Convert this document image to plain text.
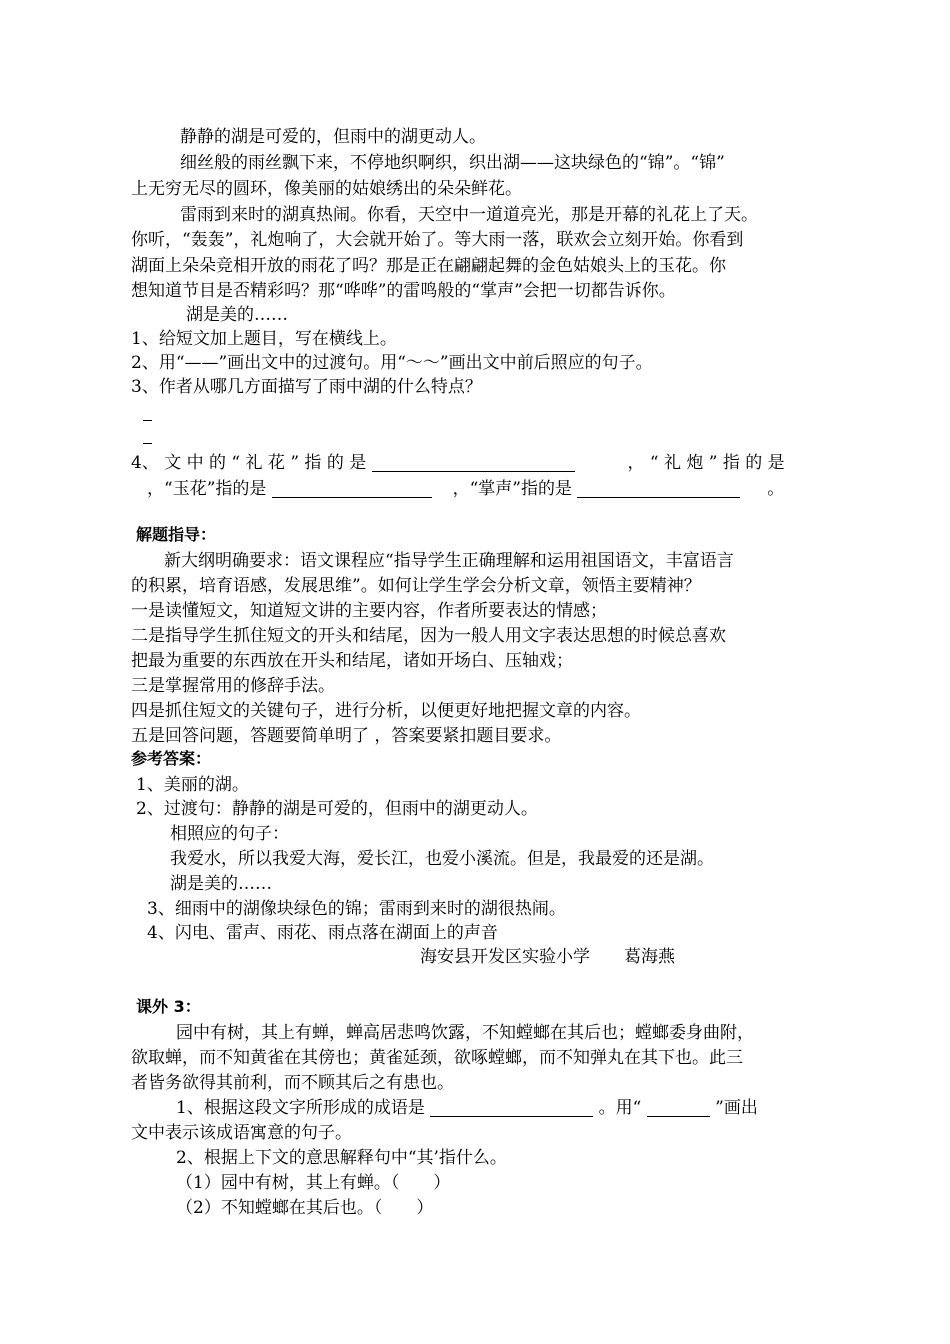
静静的湖是可爱的，但雨中的湖更动人。
细丝般的雨丝飘下来，不停地织啊织，织出湖——这块绿色的“锦”。“锦”
上无穷无尽的圆环，像美丽的姑娘绣出的朵朵鲜花。
雷雨到来时的湖真热闹。你看，天空中一道道亮光，那是开幕的礼花上了天。
你听，“轰轰”，礼炮响了，大会就开始了。等大雨一落，联欢会立刻开始。你看到
湖面上朵朵竞相开放的雨花了吗？那是正在翩翩起舞的金色姑娘头上的玉花。你
想知道节目是否精彩吗？那“哗哗”的雷鸣般的“掌声”会把一切都告诉你。
湖是美的……
1、给短文加上题目，写在横线上。
2、用“——”画出文中的过渡句。用“～～”画出文中前后照应的句子。
3、作者从哪几方面描写了雨中湖的什么特点？
4、 文 中 的 “ 礼 花 ” 指 的 是	， “ 礼 炮 ” 指 的 是
，“玉花”指的是	，“掌声”指的是	。
解题指导：
新大纲明确要求：语文课程应“指导学生正确理解和运用祖国语文，丰富语言
的积累，培育语感，发展思维”。如何让学生学会分析文章，领悟主要精神？
一是读懂短文，知道短文讲的主要内容，作者所要表达的情感；
二是指导学生抓住短文的开头和结尾，因为一般人用文字表达思想的时候总喜欢
把最为重要的东西放在开头和结尾，诸如开场白、压轴戏；
三是掌握常用的修辞手法。
四是抓住短文的关键句子，进行分析，以便更好地把握文章的内容。
五是回答问题，答题要简单明了 ，答案要紧扣题目要求。
参考答案：
1、美丽的湖。
2、过渡句：静静的湖是可爱的，但雨中的湖更动人。
相照应的句子：
我爱水，所以我爱大海，爱长江，也爱小溪流。但是，我最爱的还是湖。
湖是美的……
3、细雨中的湖像块绿色的锦；雷雨到来时的湖很热闹。
4、闪电、雷声、雨花、雨点落在湖面上的声音
海安县开发区实验小学　　葛海燕
课外 3：
园中有树，其上有蝉，蝉高居悲鸣饮露，不知螳螂在其后也；螳螂委身曲附，
欲取蝉，而不知黄雀在其傍也；黄雀延颈，欲啄螳螂，而不知弹丸在其下也。此三
者皆务欲得其前利，而不顾其后之有患也。
1、根据这段文字所形成的成语是	。用“	”画出
文中表示该成语寓意的句子。
2、根据上下文的意思解释句中“其’指什么。
（1）园中有树，其上有蝉。（　　）
（2）不知螳螂在其后也。（　　）
